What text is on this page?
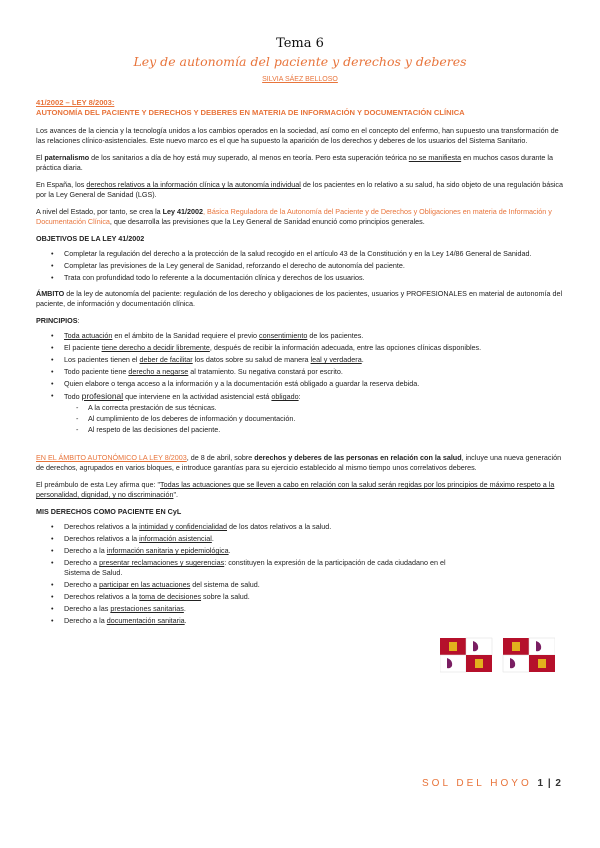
Tema 6
Ley de autonomía del paciente y derechos y deberes
SILVIA SÁEZ BELLOSO
41/2002 – LEY 8/2003:
AUTONOMÍA DEL PACIENTE Y DERECHOS Y DEBERES EN MATERIA DE INFORMACIÓN Y DOCUMENTACIÓN CLÍNICA

Los avances de la ciencia y la tecnología unidos a los cambios operados en la sociedad, así como en el concepto del enfermo, han supuesto una transformación de las relaciones clínico-asistenciales. Este nuevo marco es el que ha supuesto la aparición de los derechos y deberes de los usuarios del Sistema Sanitario.

El paternalismo de los sanitarios a día de hoy está muy superado, al menos en teoría. Pero esta superación teórica no se manifiesta en muchos casos durante la práctica diaria.

En España, los derechos relativos a la información clínica y la autonomía individual de los pacientes en lo relativo a su salud, ha sido objeto de una regulación básica por la Ley General de Sanidad (LGS).

A nivel del Estado, por tanto, se crea la Ley 41/2002, Básica Reguladora de la Autonomía del Paciente y de Derechos y Obligaciones en materia de Información y Documentación Clínica, que desarrolla las previsiones que la Ley General de Sanidad enunció como principios generales.

OBJETIVOS DE LA LEY 41/2002
• Completar la regulación del derecho a la protección de la salud recogido en el artículo 43 de la Constitución y en la Ley 14/86 General de Sanidad.
• Completar las previsiones de la Ley general de Sanidad, reforzando el derecho de autonomía del paciente.
• Trata con profundidad todo lo referente a la documentación clínica y derechos de los usuarios.

ÁMBITO de la ley de autonomía del paciente: regulación de los derecho y obligaciones de los pacientes, usuarios y PROFESIONALES en material de autonomía del paciente, de información y documentación clínica.

PRINCIPIOS:
• Toda actuación en el ámbito de la Sanidad requiere el previo consentimiento de los pacientes.
• El paciente tiene derecho a decidir libremente, después de recibir la información adecuada, entre las opciones clínicas disponibles.
• Los pacientes tienen el deber de facilitar los datos sobre su salud de manera leal y verdadera.
• Todo paciente tiene derecho a negarse al tratamiento. Su negativa constará por escrito.
• Quien elabore o tenga acceso a la información y a la documentación está obligado a guardar la reserva debida.
• Todo profesional que interviene en la actividad asistencial está obligado:
- A la correcta prestación de sus técnicas.
- Al cumplimiento de los deberes de información y documentación.
- Al respeto de las decisiones del paciente.

EN EL ÁMBITO AUTONÓMICO LA LEY 8/2003, de 8 de abril, sobre derechos y deberes de las personas en relación con la salud, incluye una nueva generación de derechos, agrupados en varios bloques, e introduce garantías para su ejercicio establecido al mismo tiempo unos correlativos deberes.

El preámbulo de esta Ley afirma que: "Todas las actuaciones que se lleven a cabo en relación con la salud serán regidas por los principios de máximo respeto a la personalidad, dignidad, y no discriminación".

MIS DERECHOS COMO PACIENTE EN CyL
• Derechos relativos a la intimidad y confidencialidad de los datos relativos a la salud.
• Derechos relativos a la información asistencial.
• Derecho a la información sanitaria y epidemiológica.
• Derecho a presentar reclamaciones y sugerencias: constituyen la expresión de la participación de cada ciudadano en el Sistema de Salud.
• Derecho a participar en las actuaciones del sistema de salud.
• Derechos relativos a la toma de decisiones sobre la salud.
• Derecho a las prestaciones sanitarias.
• Derecho a la documentación sanitaria.
SOL DEL HOYO 1 | 2
